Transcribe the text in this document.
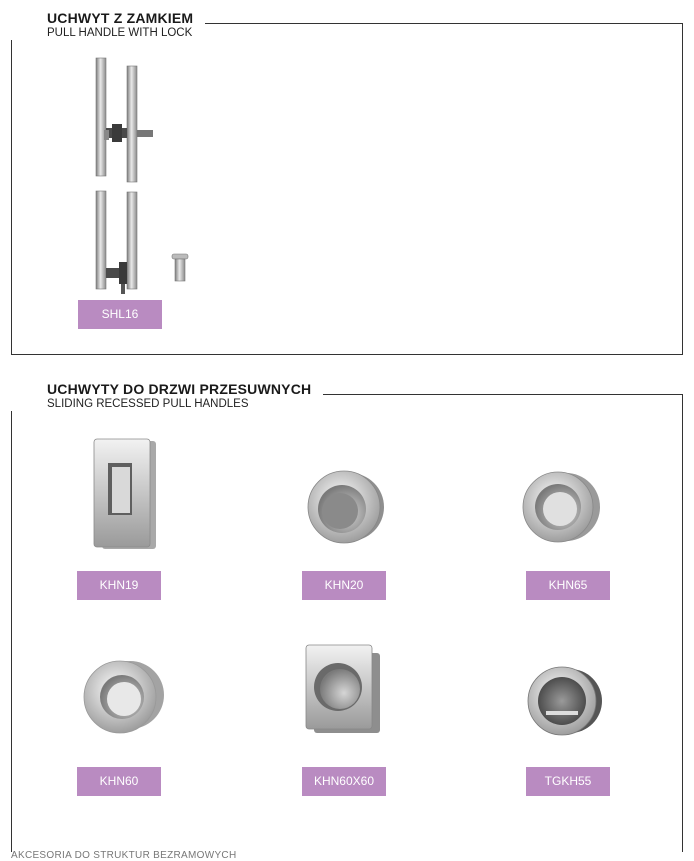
UCHWYT Z ZAMKIEM
PULL HANDLE WITH LOCK
SHL16
UCHWYTY DO DRZWI PRZESUWNYCH
SLIDING RECESSED PULL HANDLES
KHN19	KHN20	KHN65
KHN60	KHN60X60	TGKH55
AKCESORIA DO STRUKTUR BEZRAMOWYCH
